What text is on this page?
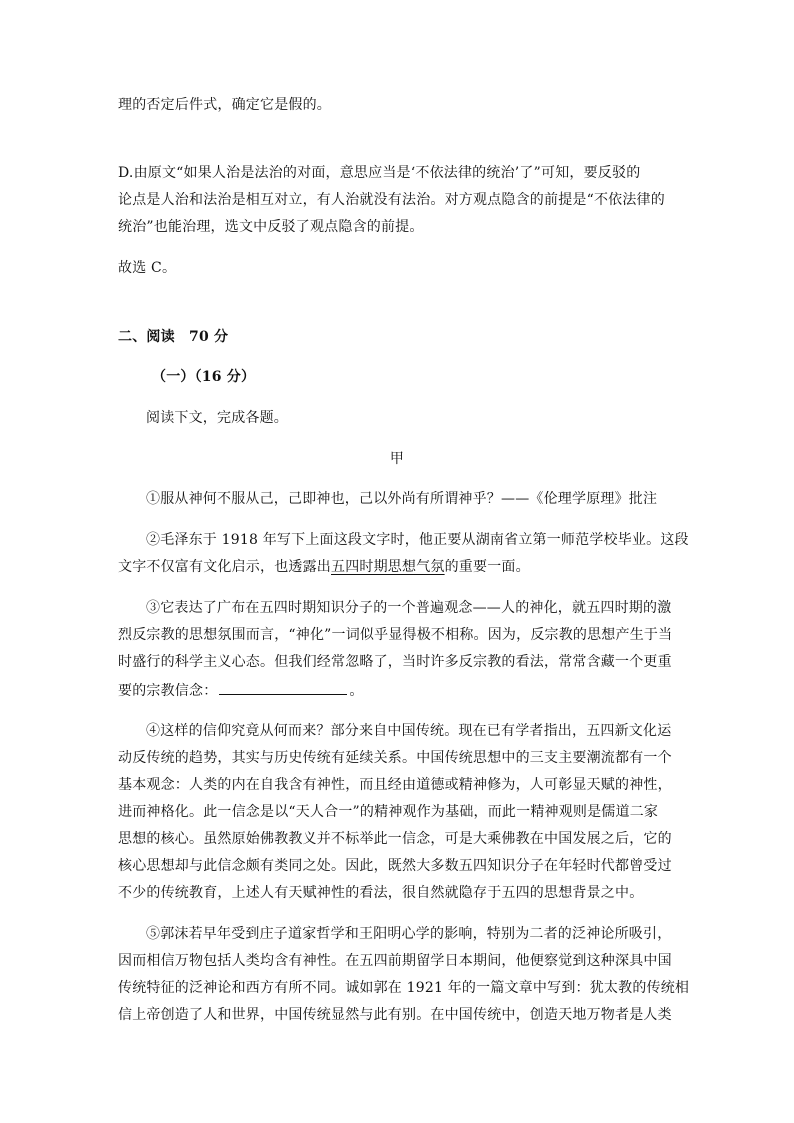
理的否定后件式，确定它是假的。
D.由原文“如果人治是法治的对面，意思应当是‘不依法律的统治’了”可知，要反驳的
论点是人治和法治是相互对立，有人治就没有法治。对方观点隐含的前提是“不依法律的
统治”也能治理，选文中反驳了观点隐含的前提。
故选 C。
二、阅读　70 分
（一）（16 分）
阅读下文，完成各题。
甲
①服从神何不服从己，己即神也，己以外尚有所谓神乎？——《伦理学原理》批注
②毛泽东于 1918 年写下上面这段文字时，他正要从湖南省立第一师范学校毕业。这段
文字不仅富有文化启示，也透露出五四时期思想气氛的重要一面。
③它表达了广布在五四时期知识分子的一个普遍观念——人的神化，就五四时期的激
烈反宗教的思想氛围而言，“神化”一词似乎显得极不相称。因为，反宗教的思想产生于当
时盛行的科学主义心态。但我们经常忽略了，当时许多反宗教的看法，常常含藏一个更重
要的宗教信念：	。
④这样的信仰究竟从何而来？部分来自中国传统。现在已有学者指出，五四新文化运
动反传统的趋势，其实与历史传统有延续关系。中国传统思想中的三支主要潮流都有一个
基本观念：人类的内在自我含有神性，而且经由道德或精神修为，人可彰显天赋的神性，
进而神格化。此一信念是以“天人合一”的精神观作为基础，而此一精神观则是儒道二家
思想的核心。虽然原始佛教教义并不标举此一信念，可是大乘佛教在中国发展之后，它的
核心思想却与此信念颇有类同之处。因此，既然大多数五四知识分子在年轻时代都曾受过
不少的传统教育，上述人有天赋神性的看法，很自然就隐存于五四的思想背景之中。
⑤郭沫若早年受到庄子道家哲学和王阳明心学的影响，特别为二者的泛神论所吸引，
因而相信万物包括人类均含有神性。在五四前期留学日本期间，他便察觉到这种深具中国
传统特征的泛神论和西方有所不同。诚如郭在 1921 年的一篇文章中写到：犹太教的传统相
信上帝创造了人和世界，中国传统显然与此有别。在中国传统中，创造天地万物者是人类
